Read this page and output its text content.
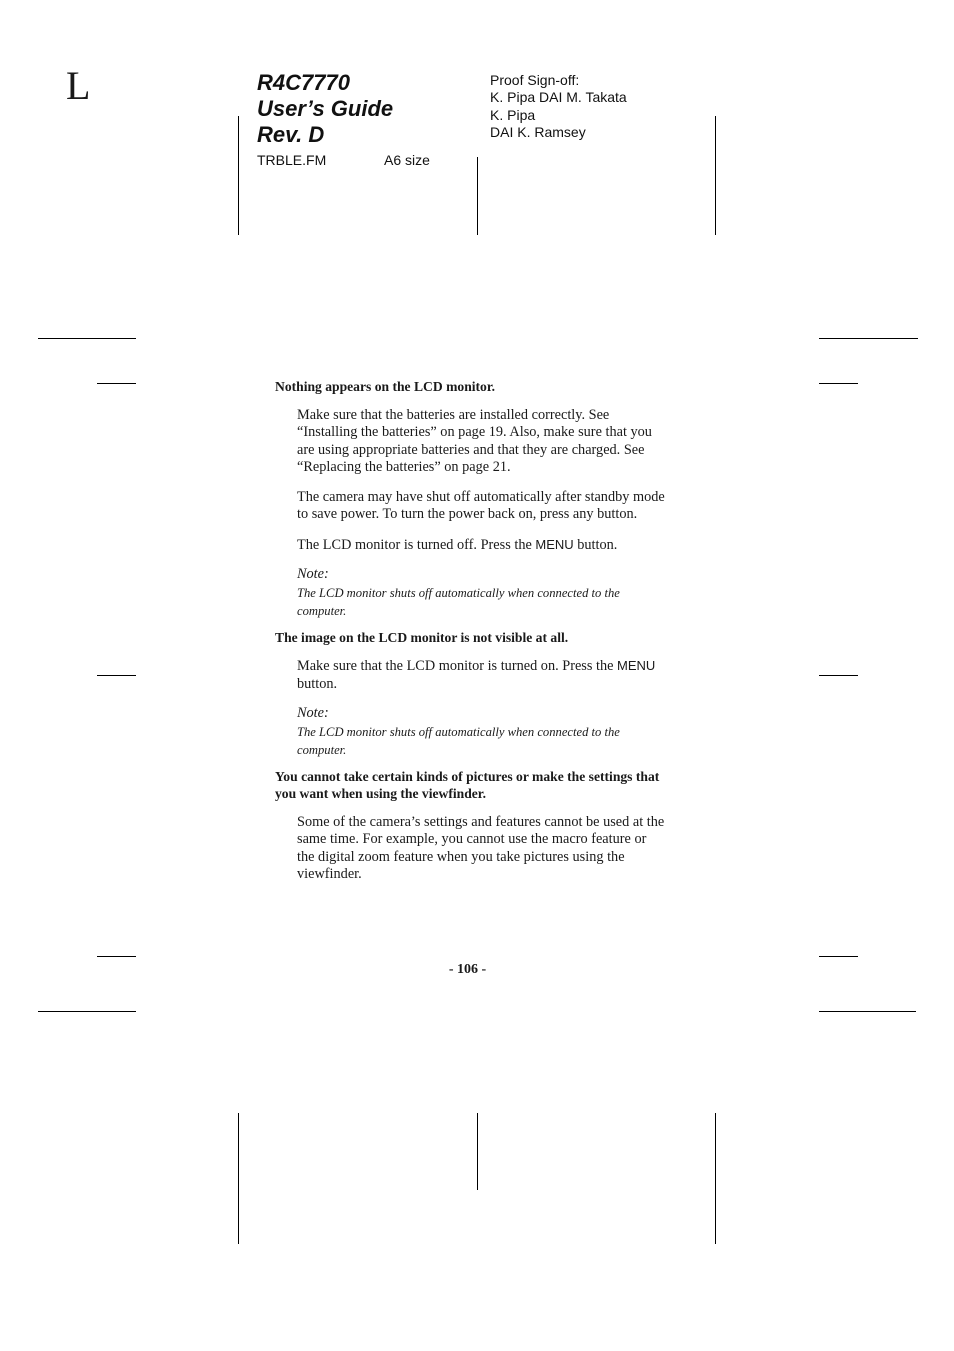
L	R4C7770
User’s Guide
Rev. D
TRBLE.FM	A6 size
Proof Sign-off:
K. Pipa DAI M. Takata
K. Pipa
DAI K. Ramsey
Nothing appears on the LCD monitor.
Make sure that the batteries are installed correctly. See “Installing the batteries” on page 19. Also, make sure that you are using appropriate batteries and that they are charged. See “Replacing the batteries” on page 21.
The camera may have shut off automatically after standby mode to save power. To turn the power back on, press any button.
The LCD monitor is turned off. Press the MENU button.
Note:
The LCD monitor shuts off automatically when connected to the computer.
The image on the LCD monitor is not visible at all.
Make sure that the LCD monitor is turned on. Press the MENU button.
Note:
The LCD monitor shuts off automatically when connected to the computer.
You cannot take certain kinds of pictures or make the settings that you want when using the viewfinder.
Some of the camera’s settings and features cannot be used at the same time. For example, you cannot use the macro feature or the digital zoom feature when you take pictures using the viewfinder.
- 106 -
